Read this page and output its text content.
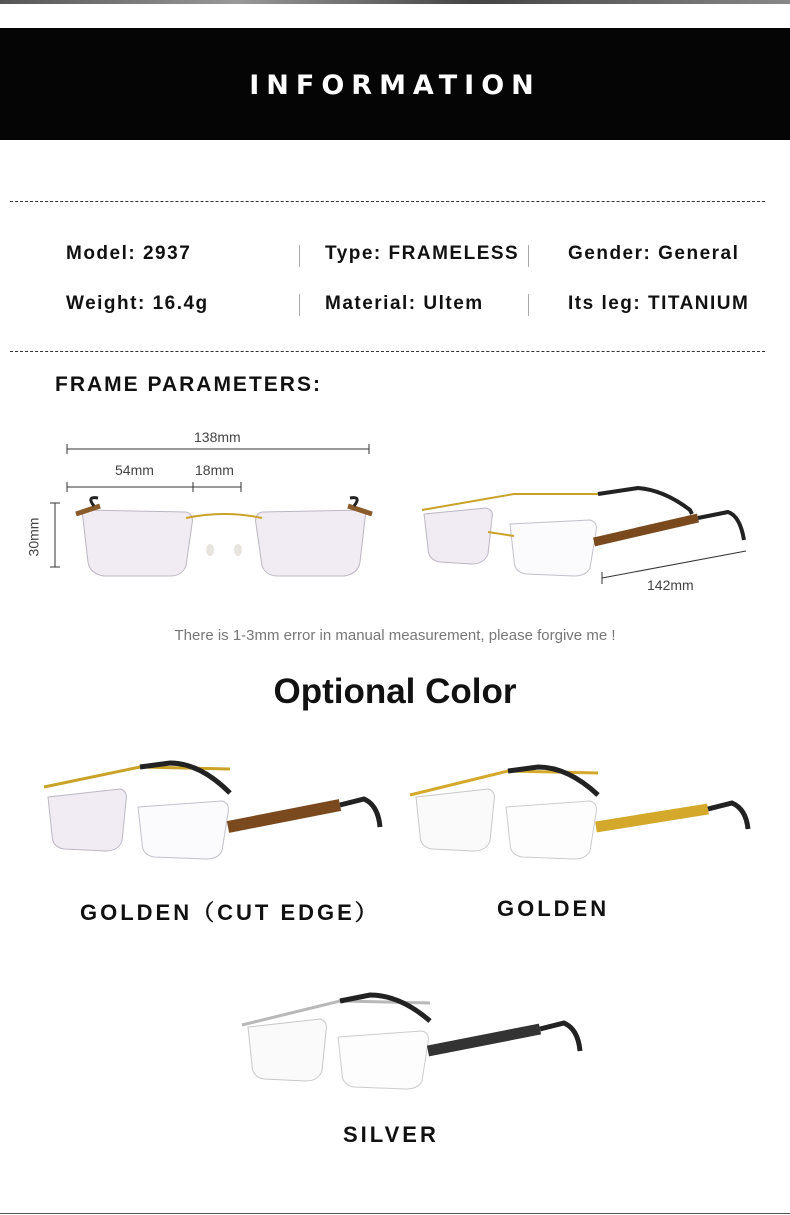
INFORMATION
Model: 2937	Type: FRAMELESS	Gender: General
Weight: 16.4g	Material: Ultem	Its leg: TITANIUM
FRAME PARAMETERS:
138mm
54mm	18mm
30mm
142mm
There is 1-3mm error in manual measurement, please forgive me !
Optional Color
GOLDEN（CUT EDGE）	GOLDEN
SILVER
